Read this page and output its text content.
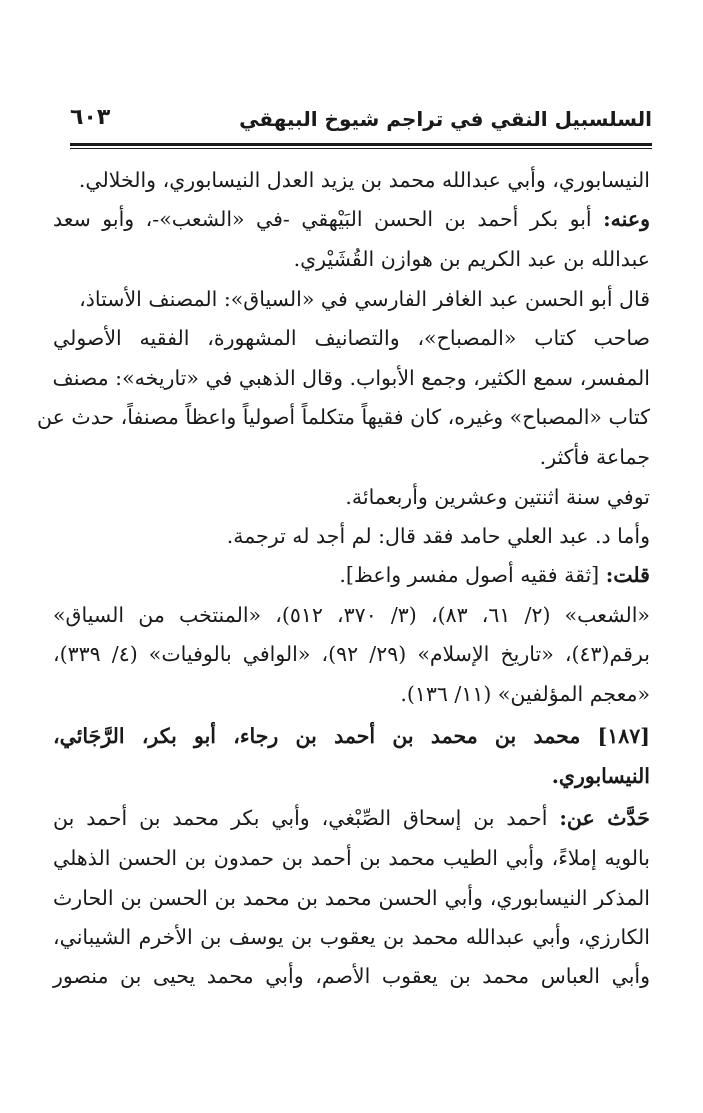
السلسبيل النقي في تراجم شيوخ البيهقي
٦٠٣
النيسابوري، وأبي عبدالله محمد بن يزيد العدل النيسابوري، والخلالي.
وعنه: أبو بكر أحمد بن الحسن البَيْهقي -في «الشعب»-، وأبو سعد
عبدالله بن عبد الكريم بن هوازن القُشَيْري.
قال أبو الحسن عبد الغافر الفارسي في «السياق»: المصنف الأستاذ،
صاحب كتاب «المصباح»، والتصانيف المشهورة، الفقيه الأصولي
المفسر، سمع الكثير، وجمع الأبواب. وقال الذهبي في «تاريخه»: مصنف
كتاب «المصباح» وغيره، كان فقيهاً متكلماً أصولياً واعظاً مصنفاً، حدث عن
جماعة فأكثر.
توفي سنة اثنتين وعشرين وأربعمائة.
وأما د. عبد العلي حامد فقد قال: لم أجد له ترجمة.
قلت: [ثقة فقيه أصول مفسر واعظ].
«الشعب» (٢/ ٦١، ٨٣)، (٣/ ٣٧٠، ٥١٢)، «المنتخب من السياق»
برقم(٤٣)، «تاريخ الإسلام» (٢٩/ ٩٢)، «الوافي بالوفيات» (٤/ ٣٣٩)،
«معجم المؤلفين» (١١/ ١٣٦).
[١٨٧] محمد بن محمد بن أحمد بن رجاء، أبو بكر، الرَّجَائي،
النيسابوري.
حَدَّث عن: أحمد بن إسحاق الصِّبْغي، وأبي بكر محمد بن أحمد بن
بالويه إملاءً، وأبي الطيب محمد بن أحمد بن حمدون بن الحسن الذهلي
المذكر النيسابوري، وأبي الحسن محمد بن محمد بن الحسن بن الحارث
الكارزي، وأبي عبدالله محمد بن يعقوب بن يوسف بن الأخرم الشيباني،
وأبي العباس محمد بن يعقوب الأصم، وأبي محمد يحيى بن منصور
